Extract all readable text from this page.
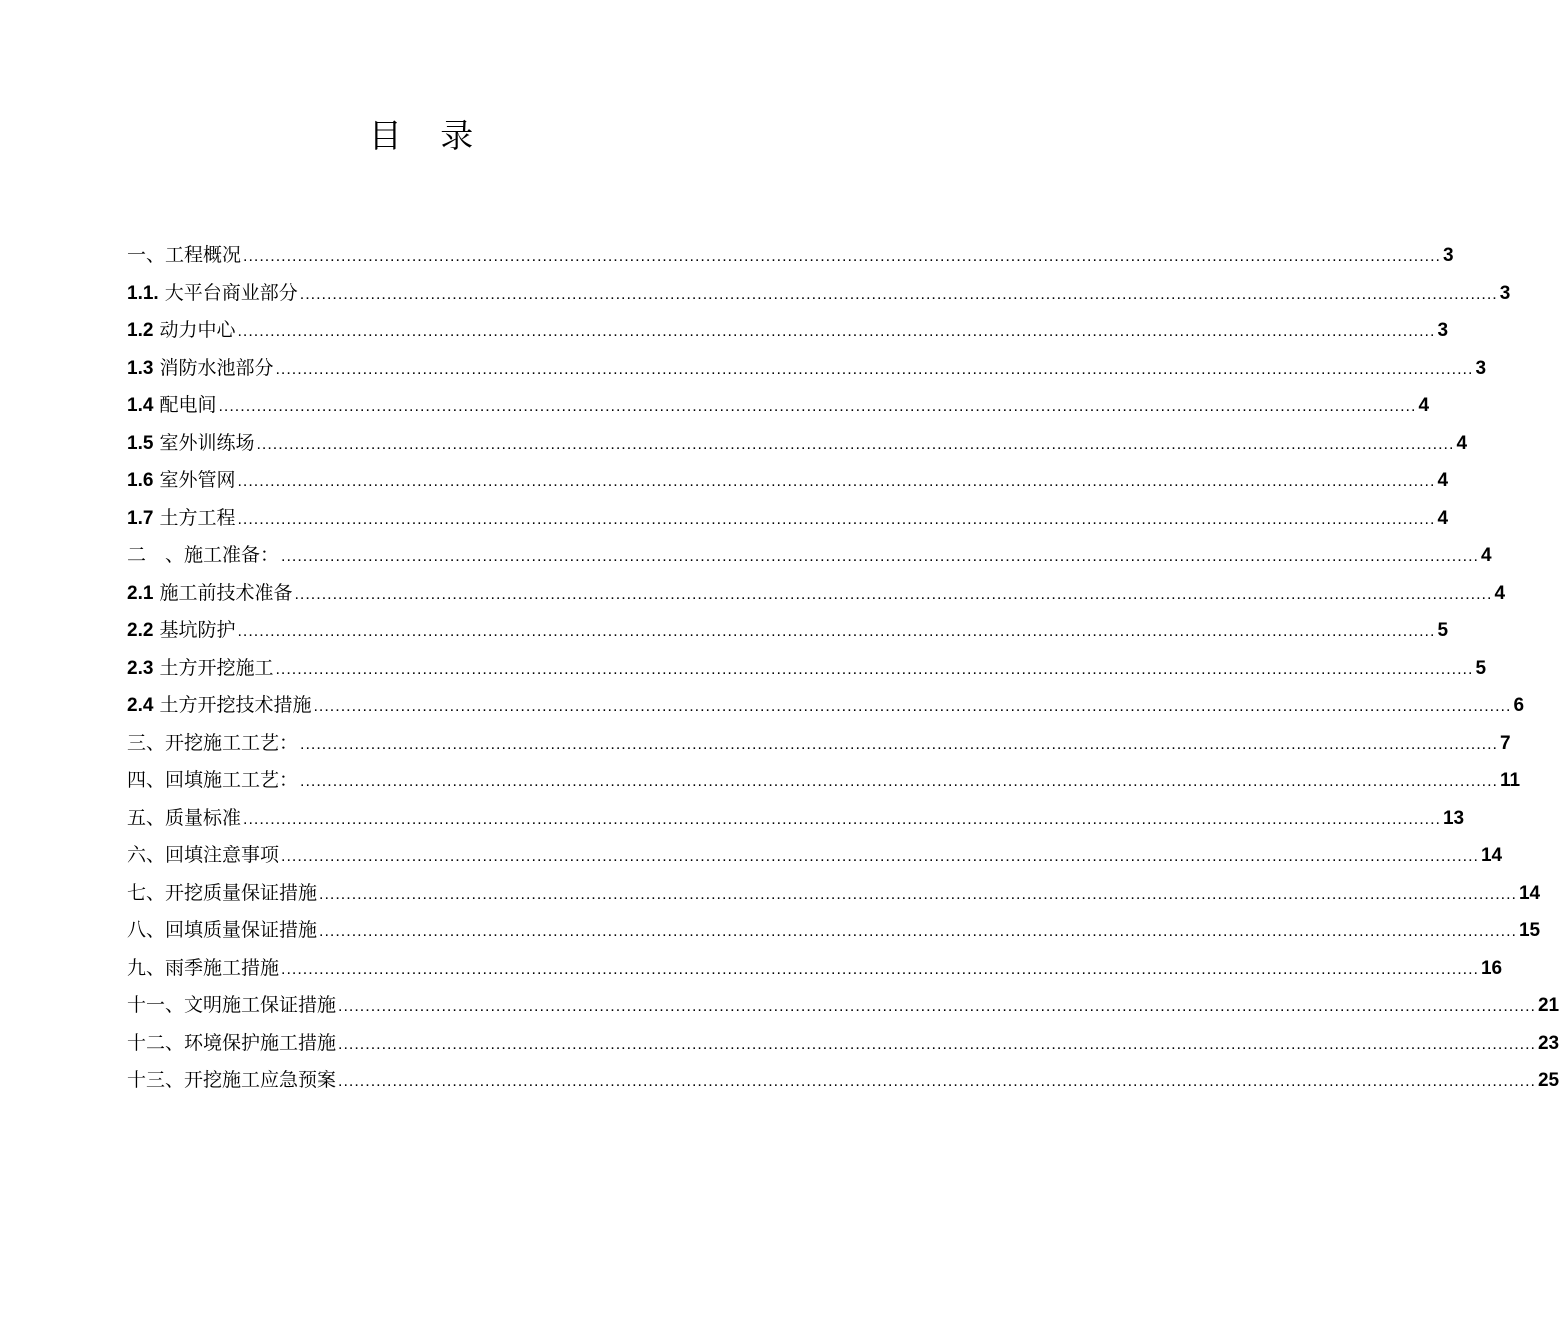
目 录
一、工程概况 ............................................................................................................................................................................................................................ 3
1.1. 大平台商业部分 ............................................................................................................................................................................................................................ 3
1.2 动力中心 ............................................................................................................................................................................................................................ 3
1.3 消防水池部分 ............................................................................................................................................................................................................................ 3
1.4 配电间 ............................................................................................................................................................................................................................ 4
1.5 室外训练场 ............................................................................................................................................................................................................................ 4
1.6 室外管网 ............................................................................................................................................................................................................................ 4
1.7 土方工程 ............................................................................................................................................................................................................................ 4
二　、施工准备： ............................................................................................................................................................................................................................ 4
2.1 施工前技术准备 ............................................................................................................................................................................................................................ 4
2.2 基坑防护 ............................................................................................................................................................................................................................ 5
2.3 土方开挖施工 ............................................................................................................................................................................................................................ 5
2.4 土方开挖技术措施 ............................................................................................................................................................................................................................ 6
三、开挖施工工艺： ............................................................................................................................................................................................................................ 7
四、回填施工工艺： ............................................................................................................................................................................................................................ 11
五、质量标准 ............................................................................................................................................................................................................................ 13
六、回填注意事项 ............................................................................................................................................................................................................................ 14
七、开挖质量保证措施 ............................................................................................................................................................................................................................ 14
八、回填质量保证措施 ............................................................................................................................................................................................................................ 15
九、雨季施工措施 ............................................................................................................................................................................................................................ 16
十一、文明施工保证措施 ............................................................................................................................................................................................................................ 21
十二、环境保护施工措施 ............................................................................................................................................................................................................................ 23
十三、开挖施工应急预案 ............................................................................................................................................................................................................................ 25
